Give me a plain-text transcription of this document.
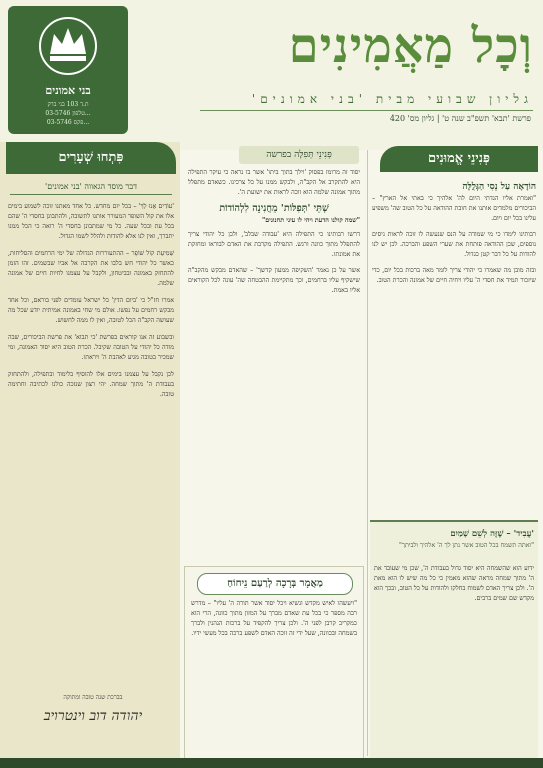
בני אמונים
ת.ד 103 בני ברק
טלפון 03-5746...
פקס 03-5746...
וְכָל מַאֲמִינִים
גליון שבועי מבית 'בני אמונים'
פרשת 'תבא' תשפ"ב שנה ט' | גליון מס' 420
פִּתְחוּ שְׁעָרִים
דבר מוסד הגאווה 'בני אמונים'

'עוֹדִים אֶנוּ לְךָ' – בכל יום מחדש. כל אחד מאתנו זוכה לשמוע בימים אלו את קול השופר המעורר אותנו לתשובה, ולהתבונן בחסדי ה' שהם בכל עת ובכל שעה. כל מי שמתבונן בחסדי ה' רואה כי הכל ממנו יתברך, ואין לנו אלא להודות ולהלל לשמו הגדול.

שְׁמִיעַת קוֹל שׁוֹפָר – ההתעוררות הגדולה של ימי הרחמים והסליחות, כאשר כל יהודי חש בלבו את הקרבה אל אביו שבשמים. זהו הזמן להתחזק באמונה ובביטחון, ולקבל על עצמנו לחיות חיים של אמונה שלמה.

אמרו חז"ל כי 'ביום הדין' כל ישראל עומדים לפני בוראם, וכל אחד מבקש רחמים על נפשו. אולם מי שחי באמונה אמיתית יודע שכל מה שעושה הקב"ה הכל לטובה, ואין לו ממה לחשוש.

ובשבוע זה אנו קוראים בפרשת 'כי תבוא' את פרשת הביכורים, שבה מודה כל יהודי על הטובה שקיבל. הכרת הטוב היא יסוד האמונה, ומי שמכיר בטובה מגיע לאהבת ה' ויראתו.

לכן נקבל על עצמנו בימים אלו להוסיף בלימוד ובתפילה, ולהתחזק בעבודת ה' מתוך שמחה. יהי רצון שנזכה כולנו לכתיבה וחתימה טובה.

בברכת שנה טובה ומתוקה
יהודה דוב וינטרויב
פְּנִינֵי תְּפִלָּה בפרשה

יסוד זה מרומז בפסוק 'וילך בתוך ביתו' אשר בו נראה כי עיקר התפילה היא להתקרב אל הקב"ה, ולבקש ממנו על כל צרכינו. כשאדם מתפלל מתוך אמונה שלמה הוא זוכה לראות את ישועת ה'.

שְׁתֵּי 'תְּפִלּוֹת' מֵחֲנִינָה לִלְהוֹדוֹת
"שמה קולנו הדעת ויהי לו עיני תחנונים"

דרשו רבותינו כי התפילה היא 'עבודה שבלב', ולכן כל יהודי צריך להתפלל מתוך כוונה ורגש. התפילה מקרבת את האדם לבוראו ומחזקת את אמונתו.

אשר על כן נאמר 'השקיפה ממעון קדשך' – שהאדם מבקש מהקב"ה שישקיף עליו ברחמים, וכך מתקיימת ההבטחה שה' עונה לכל הקוראים אליו באמת.

מַאֲמָר בְּרָכָה לְרַעַם נֵיחוֹחַ
"ויעשהו לאיש מקדש ונשיא ויכל יסוד אשר תורה ה' עליו" – מדרש רבה מספר כי בכל עת שאדם מברך על המזון מתוך כוונה, הרי הוא כמקריב קרבן לפני ה'. ולכן צריך להקפיד על ברכות הנהנין ולברך בשמחה ובכוונה, שעל ידי זה זוכה האדם לשפע ברכה בכל מעשי ידיו.
פְּנִינֵי אֱמוּנִים
הוֹדָאָה עַל נֵסִי הַגְּלֻלָּה

"ואמרת אליו הגדתי היום לה' אלהיך כי באתי אל הארץ" – הביכורים מלמדים אותנו את חובת ההודאה על כל הטוב שה' משפיע עלינו בכל יום ויום.

רבותינו לימדו כי מי שמודה על הנס שנעשה לו זוכה לראות ניסים נוספים, שכן ההודאה פותחת את שערי השפע והברכה. לכן יש לנו להודות על כל דבר קטן כגדול.

ובזה מובן מה שאמרו כי יהודי צריך לומר מאה ברכות בכל יום, כדי שיזכור תמיד את חסדי ה' עליו ויחיה חיים של אמונה והכרת הטוב.

'עֲבִיד' – שֶׁזֶּה לְשֵׁם שָׁמַיִם
"ואתה תשמח בכל הטוב אשר נתן לך ה' אלהיך ולביתך"
ידוע הוא שהשמחה היא יסוד גדול בעבודת ה', שכן מי שעובד את ה' מתוך שמחה מראה שהוא מאמין כי כל מה שיש לו הוא מאת ה'. ולכן צריך האדם לשמוח בחלקו ולהודות על כל הטוב, ובכך הוא מקדש שם שמים ברבים.
